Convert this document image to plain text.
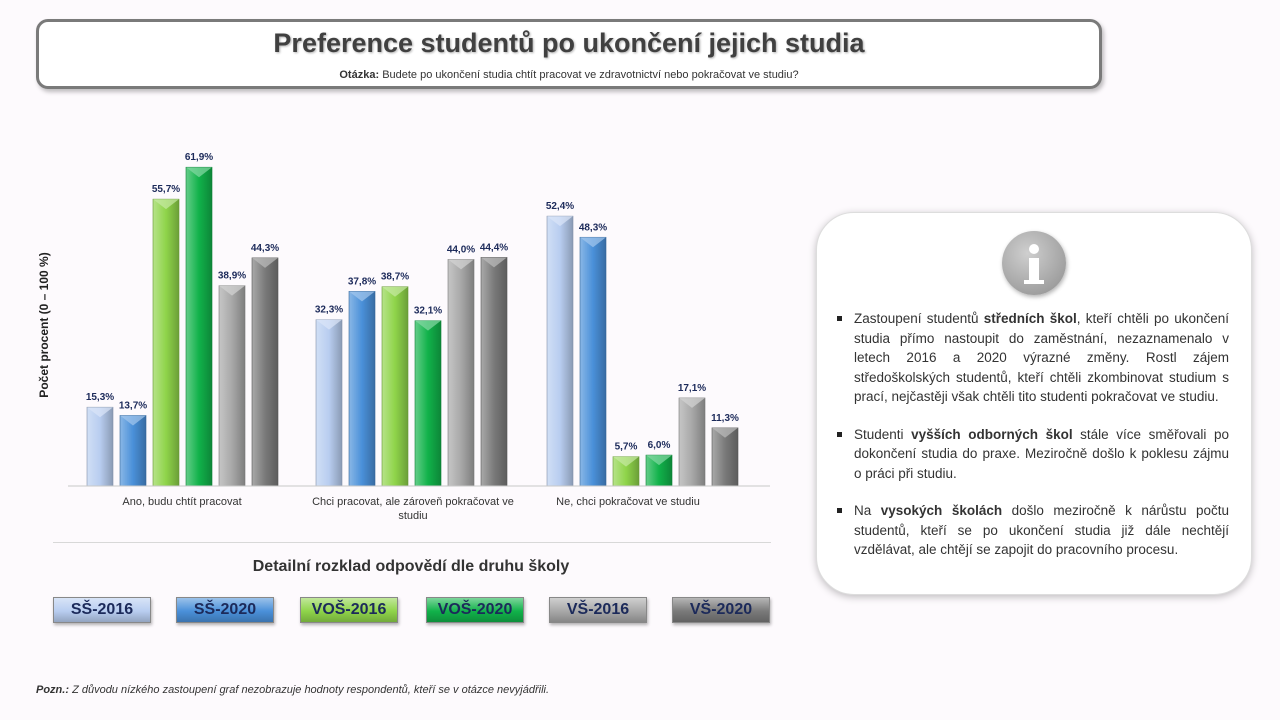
Preference studentů po ukončení jejich studia
Otázka: Budete po ukončení studia chtít pracovat ve zdravotnictví nebo pokračovat ve studiu?
15,3%
32,3%
52,4%
13,7%
37,8%
48,3%
55,7%
38,7%
5,7%
61,9%
32,1%
6,0%
38,9%
44,0%
17,1%
44,3%	44,4%
11,3%
Ano, budu chtít pracovat	Chci pracovat, ale zároveň pokračovat ve studiu
Ne, chci pokračovat ve studiu
Počet procent (0 – 100 %)
Detailní rozklad odpovědí dle druhu školy
SŠ-2016	SŠ-2020	VOŠ-2016	VOŠ-2020	VŠ-2016	VŠ-2020
Zastoupení studentů středních škol, kteří chtěli po ukončení studia přímo nastoupit do zaměstnání, nezaznamenalo v letech 2016 a 2020 výrazné změny. Rostl zájem středoškolských studentů, kteří chtěli zkombinovat studium s prací, nejčastěji však chtěli tito studenti pokračovat ve studiu.
Studenti vyšších odborných škol stále více směřovali po dokončení studia do praxe. Meziročně došlo k poklesu zájmu o práci při studiu.
Na vysokých školách došlo meziročně k nárůstu počtu studentů, kteří se po ukončení studia již dále nechtějí vzdělávat, ale chtějí se zapojit do pracovního procesu.
Pozn.: Z důvodu nízkého zastoupení graf nezobrazuje hodnoty respondentů, kteří se v otázce nevyjádřili.
